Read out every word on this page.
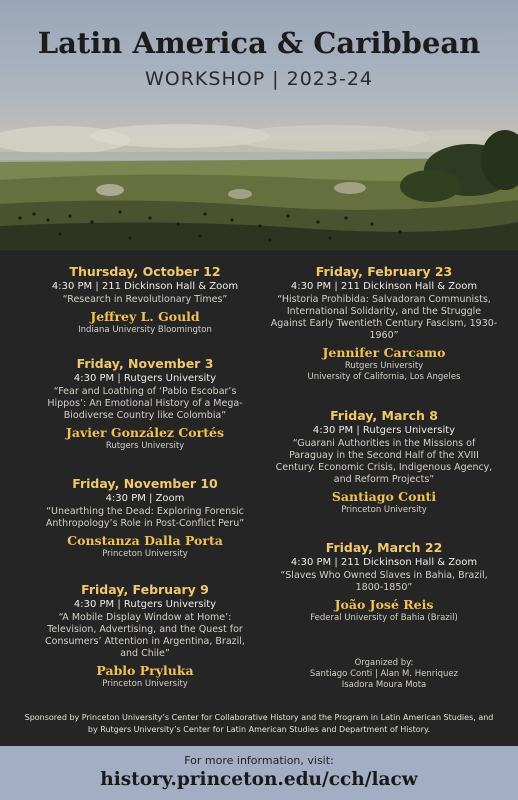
Latin America & Caribbean
WORKSHOP | 2023-24
Thursday, October 12
4:30 PM | 211 Dickinson Hall & Zoom
“Research in Revolutionary Times”
Jeffrey L. Gould
Indiana University Bloomington
Friday, November 3
4:30 PM | Rutgers University
“Fear and Loathing of ‘Pablo Escobar’s Hippos’: An Emotional History of a Mega-Biodiverse Country like Colombia”
Javier González Cortés
Rutgers University
Friday, November 10
4:30 PM | Zoom
“Unearthing the Dead: Exploring Forensic Anthropology’s Role in Post-Conflict Peru”
Constanza Dalla Porta
Princeton University
Friday, February 9
4:30 PM | Rutgers University
“A Mobile Display Window at Home’: Television, Advertising, and the Quest for Consumers’ Attention in Argentina, Brazil, and Chile”
Pablo Pryluka
Princeton University
Friday, February 23
4:30 PM | 211 Dickinson Hall & Zoom
“Historia Prohibida: Salvadoran Communists, International Solidarity, and the Struggle Against Early Twentieth Century Fascism, 1930-1960”
Jennifer Carcamo
Rutgers University
University of California, Los Angeles
Friday, March 8
4:30 PM | Rutgers University
“Guarani Authorities in the Missions of Paraguay in the Second Half of the XVIII Century. Economic Crisis, Indigenous Agency, and Reform Projects”
Santiago Conti
Princeton University
Friday, March 22
4:30 PM | 211 Dickinson Hall & Zoom
“Slaves Who Owned Slaves in Bahia, Brazil, 1800-1850”
João José Reis
Federal University of Bahia (Brazil)
Organized by:
Santiago Conti | Alan M. Henriquez
Isadora Moura Mota
Sponsored by Princeton University’s Center for Collaborative History and the Program in Latin American Studies, and by Rutgers University’s Center for Latin American Studies and Department of History.
For more information, visit:
history.princeton.edu/cch/lacw
